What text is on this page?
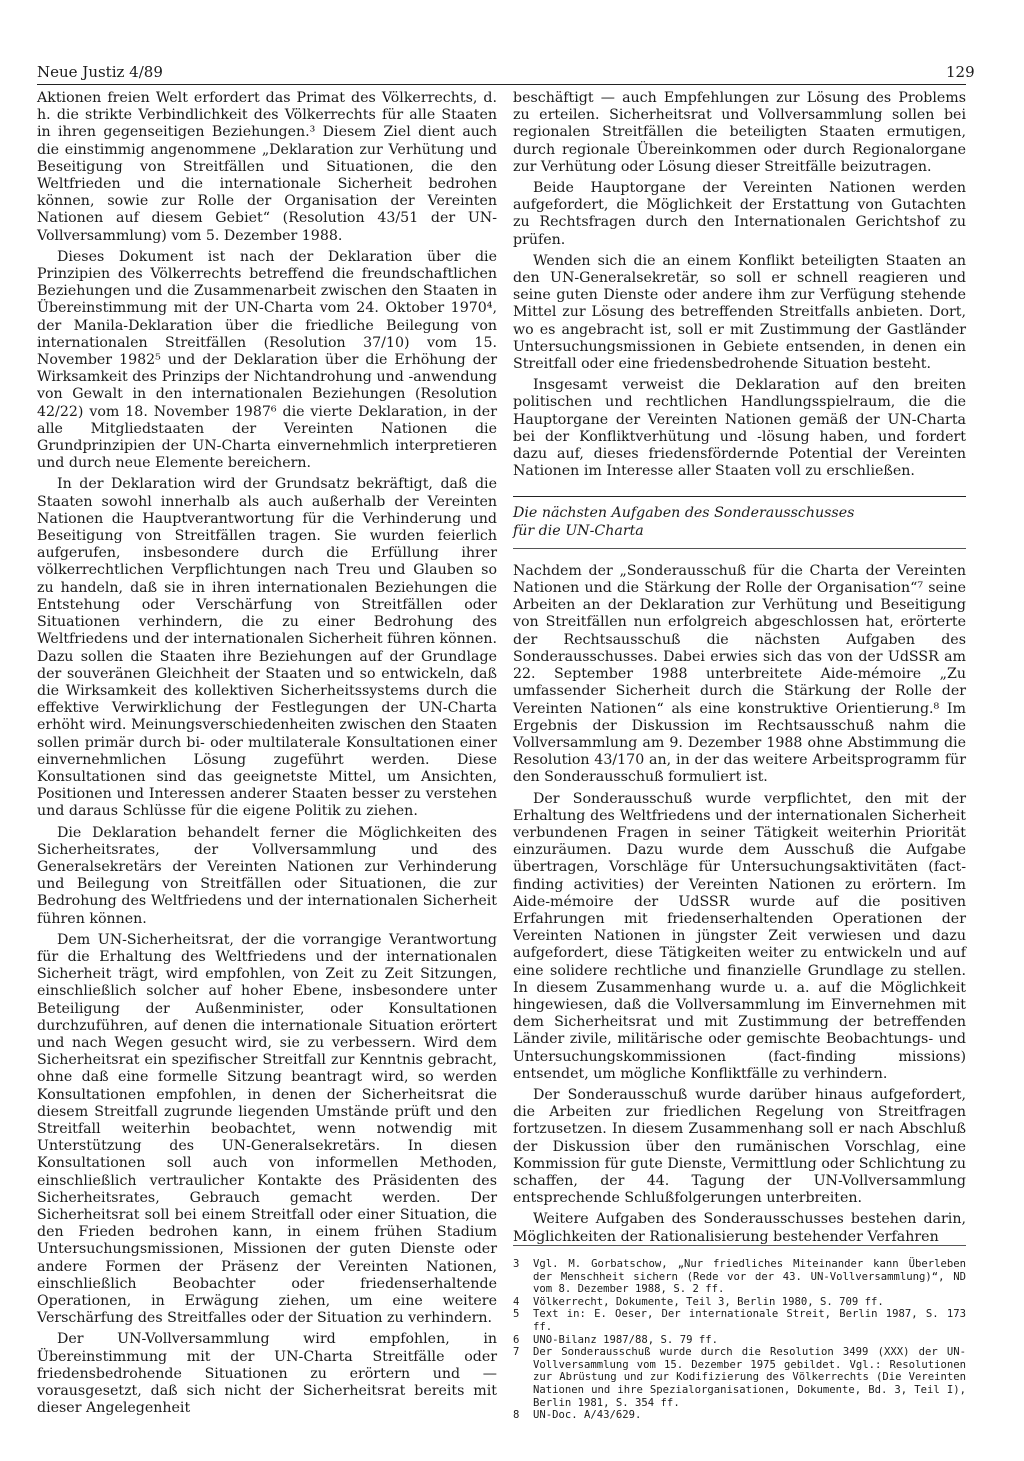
Neue Justiz 4/89	129

Aktionen freien Welt erfordert das Primat des Völkerrechts, d. h. die strikte Verbindlichkeit des Völkerrechts für alle Staaten in ihren gegenseitigen Beziehungen.³ Diesem Ziel dient auch die einstimmig angenommene „Deklaration zur Verhütung und Beseitigung von Streitfällen und Situationen, die den Weltfrieden und die internationale Sicherheit bedrohen können, sowie zur Rolle der Organisation der Vereinten Nationen auf diesem Gebiet“ (Resolution 43/51 der UN-Vollversammlung) vom 5. Dezember 1988.

Dieses Dokument ist nach der Deklaration über die Prinzipien des Völkerrechts betreffend die freundschaftlichen Beziehungen und die Zusammenarbeit zwischen den Staaten in Übereinstimmung mit der UN-Charta vom 24. Oktober 1970⁴, der Manila-Deklaration über die friedliche Beilegung von internationalen Streitfällen (Resolution 37/10) vom 15. November 1982⁵ und der Deklaration über die Erhöhung der Wirksamkeit des Prinzips der Nichtandrohung und -anwendung von Gewalt in den internationalen Beziehungen (Resolution 42/22) vom 18. November 1987⁶ die vierte Deklaration, in der alle Mitgliedstaaten der Vereinten Nationen die Grundprinzipien der UN-Charta einvernehmlich interpretieren und durch neue Elemente bereichern.

In der Deklaration wird der Grundsatz bekräftigt, daß die Staaten sowohl innerhalb als auch außerhalb der Vereinten Nationen die Hauptverantwortung für die Verhinderung und Beseitigung von Streitfällen tragen. Sie wurden feierlich aufgerufen, insbesondere durch die Erfüllung ihrer völkerrechtlichen Verpflichtungen nach Treu und Glauben so zu handeln, daß sie in ihren internationalen Beziehungen die Entstehung oder Verschärfung von Streitfällen oder Situationen verhindern, die zu einer Bedrohung des Weltfriedens und der internationalen Sicherheit führen können. Dazu sollen die Staaten ihre Beziehungen auf der Grundlage der souveränen Gleichheit der Staaten und so entwickeln, daß die Wirksamkeit des kollektiven Sicherheitssystems durch die effektive Verwirklichung der Festlegungen der UN-Charta erhöht wird. Meinungsverschiedenheiten zwischen den Staaten sollen primär durch bi- oder multilaterale Konsultationen einer einvernehmlichen Lösung zugeführt werden. Diese Konsultationen sind das geeignetste Mittel, um Ansichten, Positionen und Interessen anderer Staaten besser zu verstehen und daraus Schlüsse für die eigene Politik zu ziehen.

Die Deklaration behandelt ferner die Möglichkeiten des Sicherheitsrates, der Vollversammlung und des Generalsekretärs der Vereinten Nationen zur Verhinderung und Beilegung von Streitfällen oder Situationen, die zur Bedrohung des Weltfriedens und der internationalen Sicherheit führen können.

Dem UN-Sicherheitsrat, der die vorrangige Verantwortung für die Erhaltung des Weltfriedens und der internationalen Sicherheit trägt, wird empfohlen, von Zeit zu Zeit Sitzungen, einschließlich solcher auf hoher Ebene, insbesondere unter Beteiligung der Außenminister, oder Konsultationen durchzuführen, auf denen die internationale Situation erörtert und nach Wegen gesucht wird, sie zu verbessern. Wird dem Sicherheitsrat ein spezifischer Streitfall zur Kenntnis gebracht, ohne daß eine formelle Sitzung beantragt wird, so werden Konsultationen empfohlen, in denen der Sicherheitsrat die diesem Streitfall zugrunde liegenden Umstände prüft und den Streitfall weiterhin beobachtet, wenn notwendig mit Unterstützung des UN-Generalsekretärs. In diesen Konsultationen soll auch von informellen Methoden, einschließlich vertraulicher Kontakte des Präsidenten des Sicherheitsrates, Gebrauch gemacht werden. Der Sicherheitsrat soll bei einem Streitfall oder einer Situation, die den Frieden bedrohen kann, in einem frühen Stadium Untersuchungsmissionen, Missionen der guten Dienste oder andere Formen der Präsenz der Vereinten Nationen, einschließlich Beobachter oder friedenserhaltende Operationen, in Erwägung ziehen, um eine weitere Verschärfung des Streitfalles oder der Situation zu verhindern.

Der UN-Vollversammlung wird empfohlen, in Übereinstimmung mit der UN-Charta Streitfälle oder friedensbedrohende Situationen zu erörtern und — vorausgesetzt, daß sich nicht der Sicherheitsrat bereits mit dieser Angelegenheit

beschäftigt — auch Empfehlungen zur Lösung des Problems zu erteilen. Sicherheitsrat und Vollversammlung sollen bei regionalen Streitfällen die beteiligten Staaten ermutigen, durch regionale Übereinkommen oder durch Regionalorgane zur Verhütung oder Lösung dieser Streitfälle beizutragen.

Beide Hauptorgane der Vereinten Nationen werden aufgefordert, die Möglichkeit der Erstattung von Gutachten zu Rechtsfragen durch den Internationalen Gerichtshof zu prüfen.

Wenden sich die an einem Konflikt beteiligten Staaten an den UN-Generalsekretär, so soll er schnell reagieren und seine guten Dienste oder andere ihm zur Verfügung stehende Mittel zur Lösung des betreffenden Streitfalls anbieten. Dort, wo es angebracht ist, soll er mit Zustimmung der Gastländer Untersuchungsmissionen in Gebiete entsenden, in denen ein Streitfall oder eine friedensbedrohende Situation besteht.

Insgesamt verweist die Deklaration auf den breiten politischen und rechtlichen Handlungsspielraum, die die Hauptorgane der Vereinten Nationen gemäß der UN-Charta bei der Konfliktverhütung und -lösung haben, und fordert dazu auf, dieses friedensfördernde Potential der Vereinten Nationen im Interesse aller Staaten voll zu erschließen.

Die nächsten Aufgaben des Sonderausschusses für die UN-Charta

Nachdem der „Sonderausschuß für die Charta der Vereinten Nationen und die Stärkung der Rolle der Organisation“⁷ seine Arbeiten an der Deklaration zur Verhütung und Beseitigung von Streitfällen nun erfolgreich abgeschlossen hat, erörterte der Rechtsausschuß die nächsten Aufgaben des Sonderausschusses. Dabei erwies sich das von der UdSSR am 22. September 1988 unterbreitete Aide-mémoire „Zu umfassender Sicherheit durch die Stärkung der Rolle der Vereinten Nationen“ als eine konstruktive Orientierung.⁸ Im Ergebnis der Diskussion im Rechtsausschuß nahm die Vollversammlung am 9. Dezember 1988 ohne Abstimmung die Resolution 43/170 an, in der das weitere Arbeitsprogramm für den Sonderausschuß formuliert ist.

Der Sonderausschuß wurde verpflichtet, den mit der Erhaltung des Weltfriedens und der internationalen Sicherheit verbundenen Fragen in seiner Tätigkeit weiterhin Priorität einzuräumen. Dazu wurde dem Ausschuß die Aufgabe übertragen, Vorschläge für Untersuchungsaktivitäten (fact-finding activities) der Vereinten Nationen zu erörtern. Im Aide-mémoire der UdSSR wurde auf die positiven Erfahrungen mit friedenserhaltenden Operationen der Vereinten Nationen in jüngster Zeit verwiesen und dazu aufgefordert, diese Tätigkeiten weiter zu entwickeln und auf eine solidere rechtliche und finanzielle Grundlage zu stellen. In diesem Zusammenhang wurde u. a. auf die Möglichkeit hingewiesen, daß die Vollversammlung im Einvernehmen mit dem Sicherheitsrat und mit Zustimmung der betreffenden Länder zivile, militärische oder gemischte Beobachtungs- und Untersuchungskommissionen (fact-finding missions) entsendet, um mögliche Konfliktfälle zu verhindern.

Der Sonderausschuß wurde darüber hinaus aufgefordert, die Arbeiten zur friedlichen Regelung von Streitfragen fortzusetzen. In diesem Zusammenhang soll er nach Abschluß der Diskussion über den rumänischen Vorschlag, eine Kommission für gute Dienste, Vermittlung oder Schlichtung zu schaffen, der 44. Tagung der UN-Vollversammlung entsprechende Schlußfolgerungen unterbreiten.

Weitere Aufgaben des Sonderausschusses bestehen darin, Möglichkeiten der Rationalisierung bestehender Verfahren

3	Vgl. M. Gorbatschow, „Nur friedliches Miteinander kann Überleben der Menschheit sichern (Rede vor der 43. UN-Vollversammlung)“, ND vom 8. Dezember 1988, S. 2 ff.
4	Völkerrecht, Dokumente, Teil 3, Berlin 1980, S. 709 ff.
5	Text in: E. Oeser, Der internationale Streit, Berlin 1987, S. 173 ff.
6	UNO-Bilanz 1987/88, S. 79 ff.
7	Der Sonderausschuß wurde durch die Resolution 3499 (XXX) der UN-Vollversammlung vom 15. Dezember 1975 gebildet. Vgl.: Resolutionen zur Abrüstung und zur Kodifizierung des Völkerrechts (Die Vereinten Nationen und ihre Spezialorganisationen, Dokumente, Bd. 3, Teil I), Berlin 1981, S. 354 ff.
8	UN-Doc. A/43/629.
